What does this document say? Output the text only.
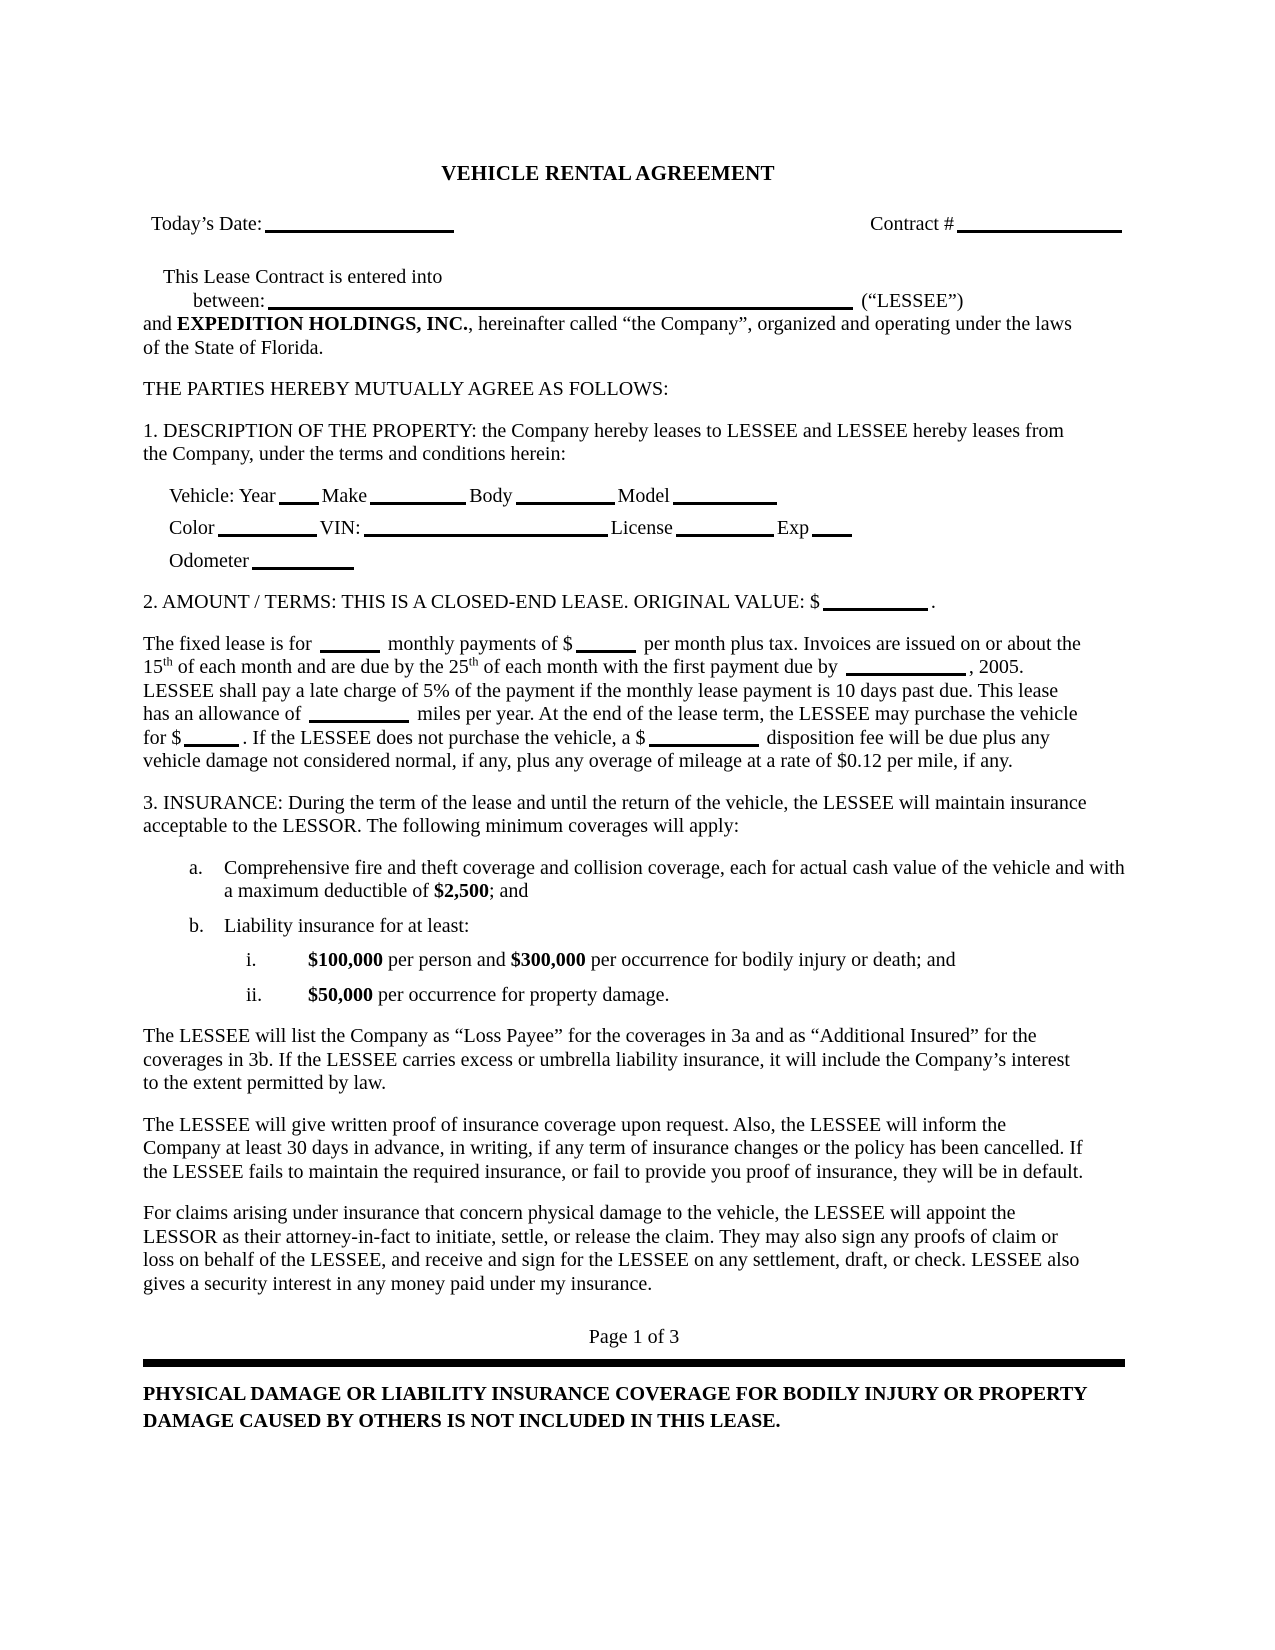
VEHICLE RENTAL AGREEMENT
Today’s Date:	Contract #

This Lease Contract is entered into

between:	(“LESSEE”)

and EXPEDITION HOLDINGS, INC., hereinafter called “the Company”, organized and operating under the laws of the State of Florida.

THE PARTIES HEREBY MUTUALLY AGREE AS FOLLOWS:

1. DESCRIPTION OF THE PROPERTY: the Company hereby leases to LESSEE and LESSEE hereby leases from the Company, under the terms and conditions herein:

Vehicle: Year Make	Body	Model
Color	VIN:	License	Exp
Odometer

2. AMOUNT / TERMS: THIS IS A CLOSED-END LEASE. ORIGINAL VALUE: $	.

The fixed lease is for	monthly payments of $	per month plus tax. Invoices are issued on or about the 15th of each month and are due by the 25th of each month with the first payment due by	, 2005. LESSEE shall pay a late charge of 5% of the payment if the monthly lease payment is 10 days past due. This lease has an allowance of	miles per year. At the end of the lease term, the LESSEE may purchase the vehicle for $	. If the LESSEE does not purchase the vehicle, a $	disposition fee will be due plus any vehicle damage not considered normal, if any, plus any overage of mileage at a rate of $0.12 per mile, if any.

3. INSURANCE: During the term of the lease and until the return of the vehicle, the LESSEE will maintain insurance acceptable to the LESSOR. The following minimum coverages will apply:

a.	Comprehensive fire and theft coverage and collision coverage, each for actual cash value of the vehicle and with a maximum deductible of $2,500; and
b.	Liability insurance for at least:
i.	$100,000 per person and $300,000 per occurrence for bodily injury or death; and
ii.	$50,000 per occurrence for property damage.

The LESSEE will list the Company as “Loss Payee” for the coverages in 3a and as “Additional Insured” for the coverages in 3b. If the LESSEE carries excess or umbrella liability insurance, it will include the Company’s interest to the extent permitted by law.

The LESSEE will give written proof of insurance coverage upon request. Also, the LESSEE will inform the Company at least 30 days in advance, in writing, if any term of insurance changes or the policy has been cancelled. If the LESSEE fails to maintain the required insurance, or fail to provide you proof of insurance, they will be in default.

For claims arising under insurance that concern physical damage to the vehicle, the LESSEE will appoint the LESSOR as their attorney-in-fact to initiate, settle, or release the claim. They may also sign any proofs of claim or loss on behalf of the LESSEE, and receive and sign for the LESSEE on any settlement, draft, or check. LESSEE also gives a security interest in any money paid under my insurance.

Page 1 of 3

PHYSICAL DAMAGE OR LIABILITY INSURANCE COVERAGE FOR BODILY INJURY OR PROPERTY DAMAGE CAUSED BY OTHERS IS NOT INCLUDED IN THIS LEASE.
